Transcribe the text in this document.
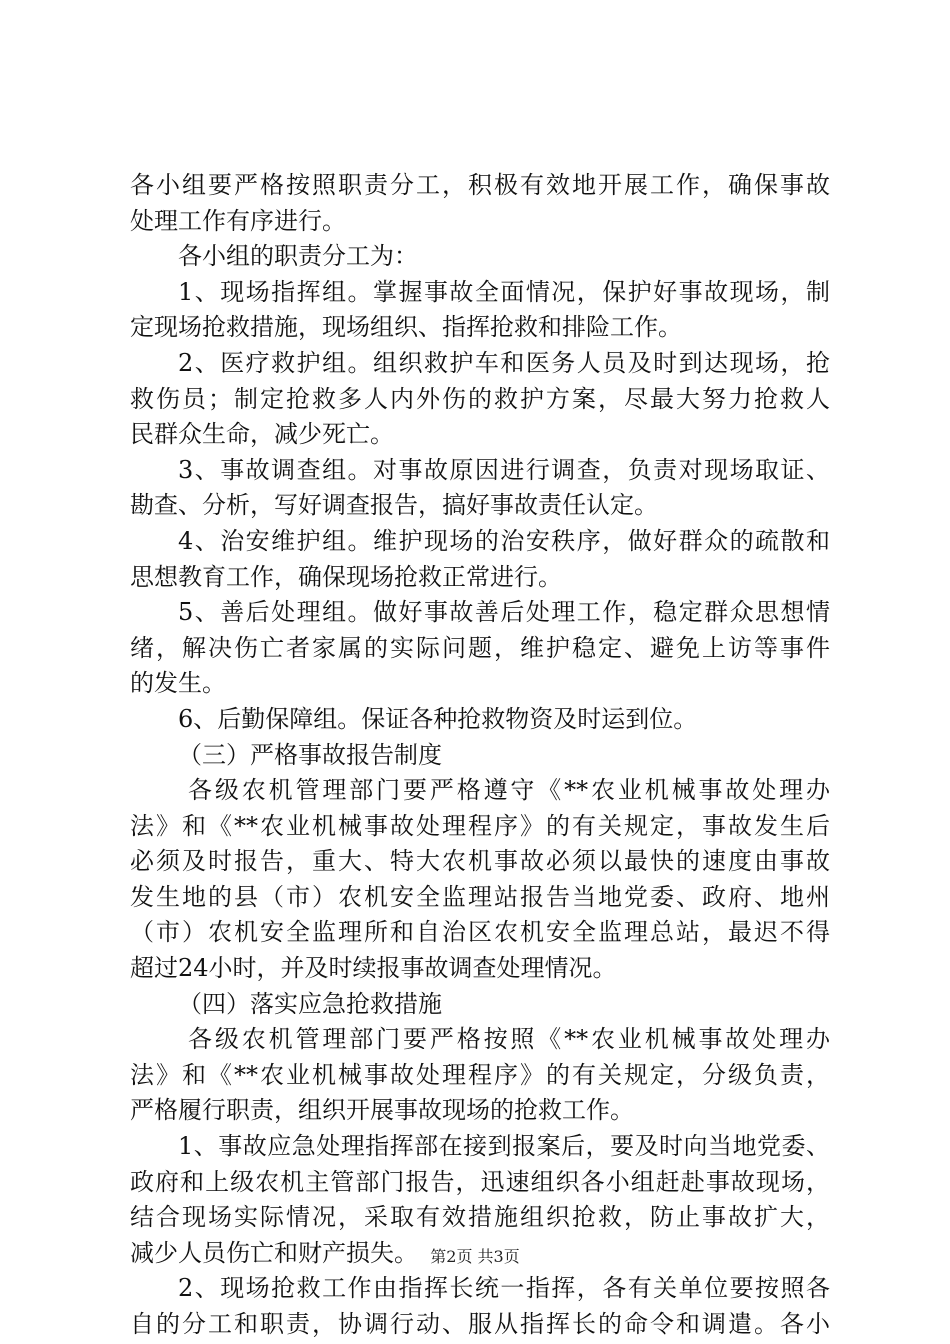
各小组要严格按照职责分工，积极有效地开展工作，确保事故
处理工作有序进行。
各小组的职责分工为：
1、现场指挥组。掌握事故全面情况，保护好事故现场，制
定现场抢救措施，现场组织、指挥抢救和排险工作。
2、医疗救护组。组织救护车和医务人员及时到达现场，抢
救伤员；制定抢救多人内外伤的救护方案，尽最大努力抢救人
民群众生命，减少死亡。
3、事故调查组。对事故原因进行调查，负责对现场取证、
勘查、分析，写好调查报告，搞好事故责任认定。
4、治安维护组。维护现场的治安秩序，做好群众的疏散和
思想教育工作，确保现场抢救正常进行。
5、善后处理组。做好事故善后处理工作，稳定群众思想情
绪，解决伤亡者家属的实际问题，维护稳定、避免上访等事件
的发生。
6、后勤保障组。保证各种抢救物资及时运到位。
（三）严格事故报告制度
各级农机管理部门要严格遵守《**农业机械事故处理办
法》和《**农业机械事故处理程序》的有关规定，事故发生后
必须及时报告，重大、特大农机事故必须以最快的速度由事故
发生地的县（市）农机安全监理站报告当地党委、政府、地州
（市）农机安全监理所和自治区农机安全监理总站，最迟不得
超过24小时，并及时续报事故调查处理情况。
（四）落实应急抢救措施
各级农机管理部门要严格按照《**农业机械事故处理办
法》和《**农业机械事故处理程序》的有关规定，分级负责，
严格履行职责，组织开展事故现场的抢救工作。
1、事故应急处理指挥部在接到报案后，要及时向当地党委、
政府和上级农机主管部门报告，迅速组织各小组赶赴事故现场，
结合现场实际情况，采取有效措施组织抢救，防止事故扩大，
减少人员伤亡和财产损失。
2、现场抢救工作由指挥长统一指挥，各有关单位要按照各
自的分工和职责，协调行动、服从指挥长的命令和调遣。各小
第2页 共3页
